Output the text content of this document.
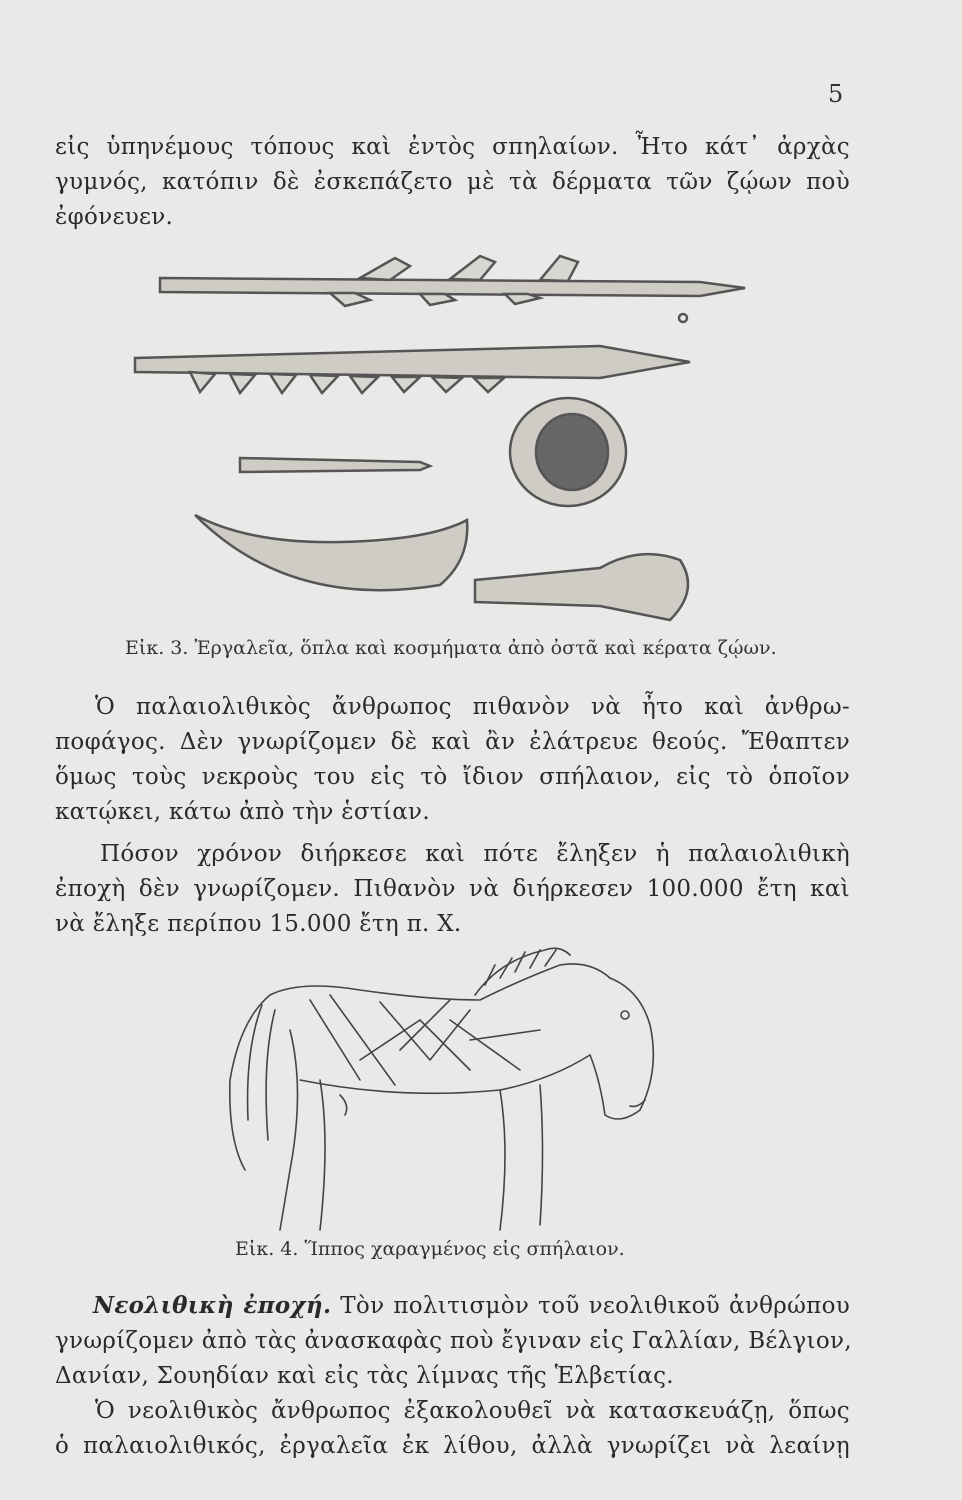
5
εἰς ὑπηνέμους τόπους καὶ ἐντὸς σπηλαίων. Ἦτο κάτ᾽ ἀρχὰς
γυμνός, κατόπιν δὲ ἐσκεπάζετο μὲ τὰ δέρματα τῶν ζῴων ποὺ
ἐφόνευεν.
Εἰκ. 3. Ἐργαλεῖα, ὅπλα καὶ κοσμήματα ἀπὸ ὀστᾶ καὶ κέρατα ζῴων.
Ὁ παλαιολιθικὸς ἄνθρωπος πιθανὸν νὰ ἦτο καὶ ἀνθρω-
ποφάγος. Δὲν γνωρίζομεν δὲ καὶ ἂν ἐλάτρευε θεούς. Ἔθαπτεν
ὅμως τοὺς νεκροὺς του εἰς τὸ ἴδιον σπήλαιον, εἰς τὸ ὁποῖον
κατῴκει, κάτω ἀπὸ τὴν ἑστίαν.
Πόσον χρόνον διήρκεσε καὶ πότε ἔληξεν ἡ παλαιολιθικὴ
ἐποχὴ δὲν γνωρίζομεν. Πιθανὸν νὰ διήρκεσεν 100.000 ἔτη καὶ
νὰ ἔληξε περίπου 15.000 ἔτη π. Χ.
Εἰκ. 4. Ἵππος χαραγμένος εἰς σπήλαιον.
Νεολιθικὴ ἐποχή. Τὸν πολιτισμὸν τοῦ νεολιθικοῦ ἀνθρώπου
γνωρίζομεν ἀπὸ τὰς ἀνασκαφὰς ποὺ ἔγιναν εἰς Γαλλίαν, Βέλγιον,
Δανίαν, Σουηδίαν καὶ εἰς τὰς λίμνας τῆς Ἑλβετίας.
Ὁ νεολιθικὸς ἄνθρωπος ἐξακολουθεῖ νὰ κατασκευάζῃ, ὅπως
ὁ παλαιολιθικός, ἐργαλεῖα ἐκ λίθου, ἀλλὰ γνωρίζει νὰ λεαίνῃ
